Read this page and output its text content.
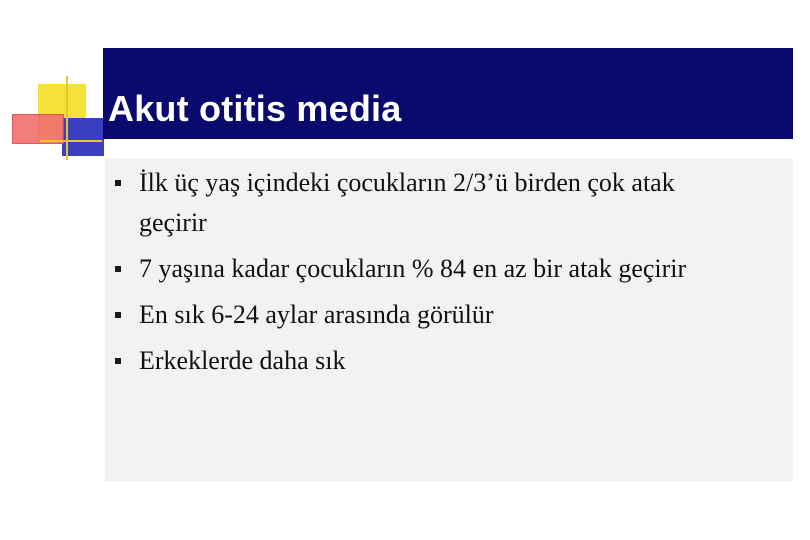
Akut otitis media
İlk üç yaş içindeki çocukların 2/3’ü birden çok atak geçirir
7 yaşına kadar çocukların % 84 en az bir atak geçirir
En sık 6-24 aylar arasında görülür
Erkeklerde daha sık
